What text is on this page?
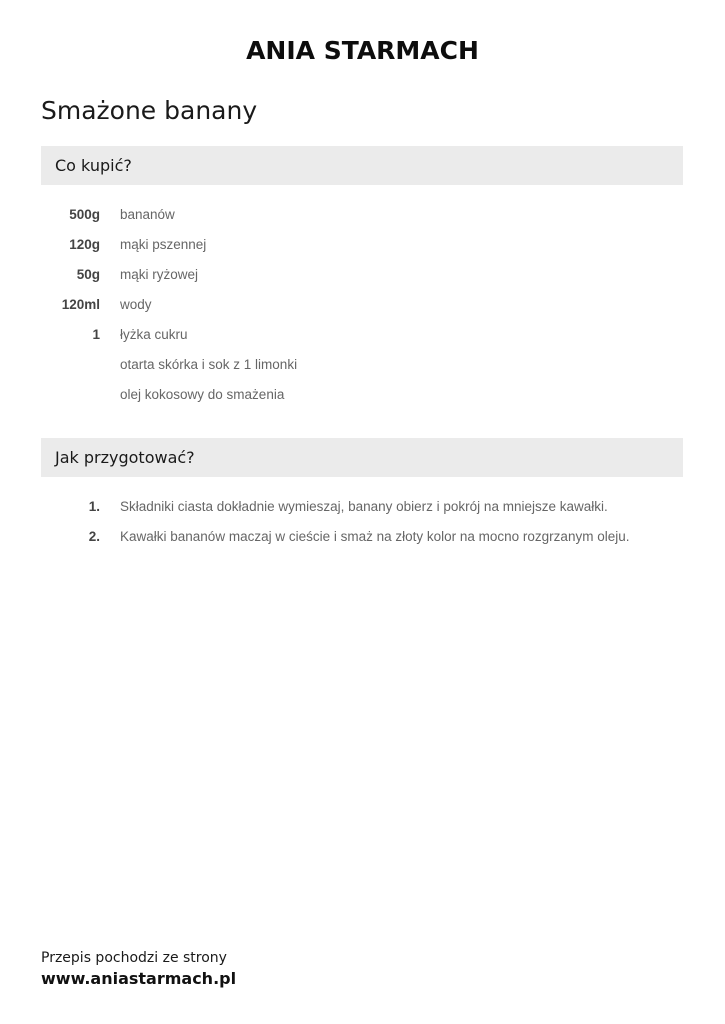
ANIA STARMACH
Smażone banany
Co kupić?
500g bananów
120g mąki pszennej
50g mąki ryżowej
120ml wody
1 łyżka cukru
otarta skórka i sok z 1 limonki
olej kokosowy do smażenia
Jak przygotować?
1. Składniki ciasta dokładnie wymieszaj, banany obierz i pokrój na mniejsze kawałki.
2. Kawałki bananów maczaj w cieście i smaż na złoty kolor na mocno rozgrzanym oleju.
Przepis pochodzi ze strony
www.aniastarmach.pl
